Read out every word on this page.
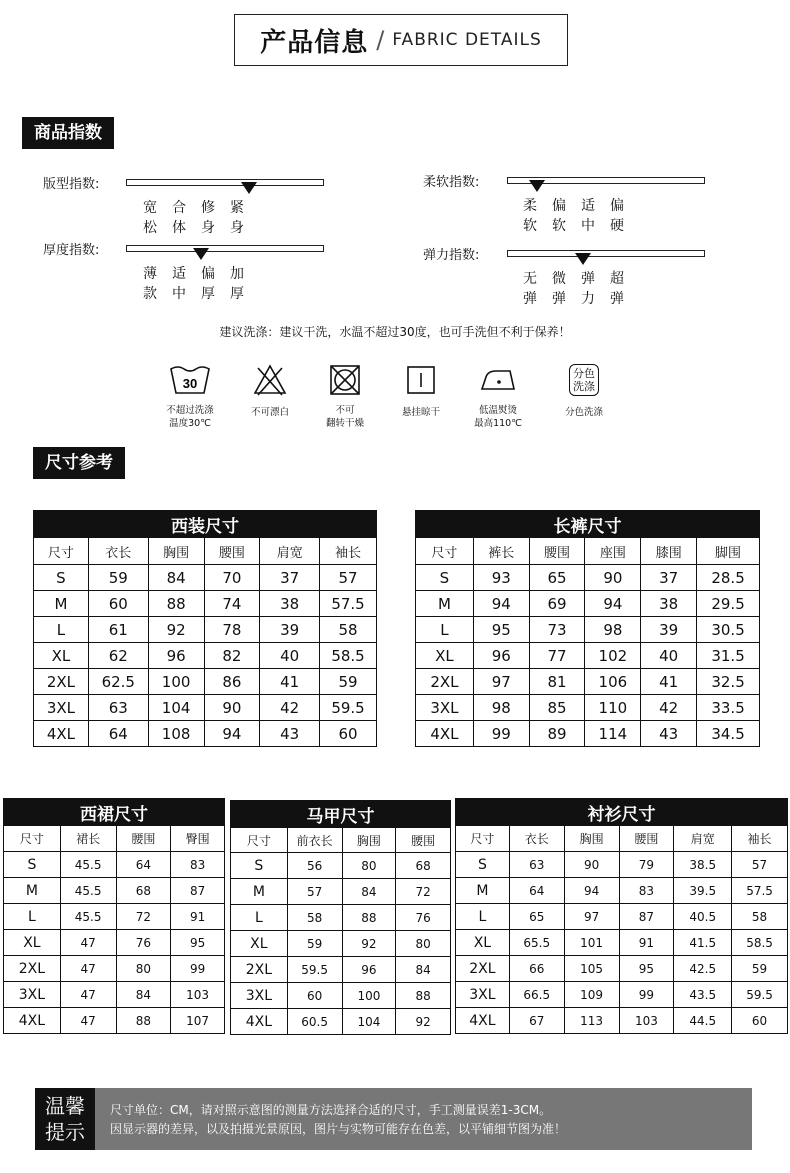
产品信息 / FABRIC DETAILS
商品指数
版型指数:
宽松
合体
修身
紧身
柔软指数:
柔软
偏软
适中
偏硬
厚度指数:
薄款
适中
偏厚
加厚
弹力指数:
无弹
微弹
弹力
超弹
建议洗涤：建议干洗，水温不超过30度，也可手洗但不利于保养！
30
不超过洗涤
温度30℃
不可漂白	不可
翻转干燥
悬挂晾干	低温熨烫
最高110℃
分色
洗涤
分色洗涤
尺寸参考
西装尺寸					
尺寸	衣长	胸围	腰围	肩宽	袖长
S	59	84	70	37	57
M	60	88	74	38	57.5
L	61	92	78	39	58
XL	62	96	82	40	58.5
2XL	62.5	100	86	41	59
3XL	63	104	90	42	59.5
4XL	64	108	94	43	60
长裤尺寸					
尺寸	裤长	腰围	座围	膝围	脚围
S	93	65	90	37	28.5
M	94	69	94	38	29.5
L	95	73	98	39	30.5
XL	96	77	102	40	31.5
2XL	97	81	106	41	32.5
3XL	98	85	110	42	33.5
4XL	99	89	114	43	34.5
西裙尺寸			
尺寸	裙长	腰围	臀围
S	45.5	64	83
M	45.5	68	87
L	45.5	72	91
XL	47	76	95
2XL	47	80	99
3XL	47	84	103
4XL	47	88	107
马甲尺寸			
尺寸	前衣长	胸围	腰围
S	56	80	68
M	57	84	72
L	58	88	76
XL	59	92	80
2XL	59.5	96	84
3XL	60	100	88
4XL	60.5	104	92
衬衫尺寸					
尺寸	衣长	胸围	腰围	肩宽	袖长
S	63	90	79	38.5	57
M	64	94	83	39.5	57.5
L	65	97	87	40.5	58
XL	65.5	101	91	41.5	58.5
2XL	66	105	95	42.5	59
3XL	66.5	109	99	43.5	59.5
4XL	67	113	103	44.5	60
温馨
提示
尺寸单位：CM，请对照示意图的测量方法选择合适的尺寸，手工测量误差1-3CM。
因显示器的差异，以及拍摄光景原因，图片与实物可能存在色差，以平铺细节图为准！
